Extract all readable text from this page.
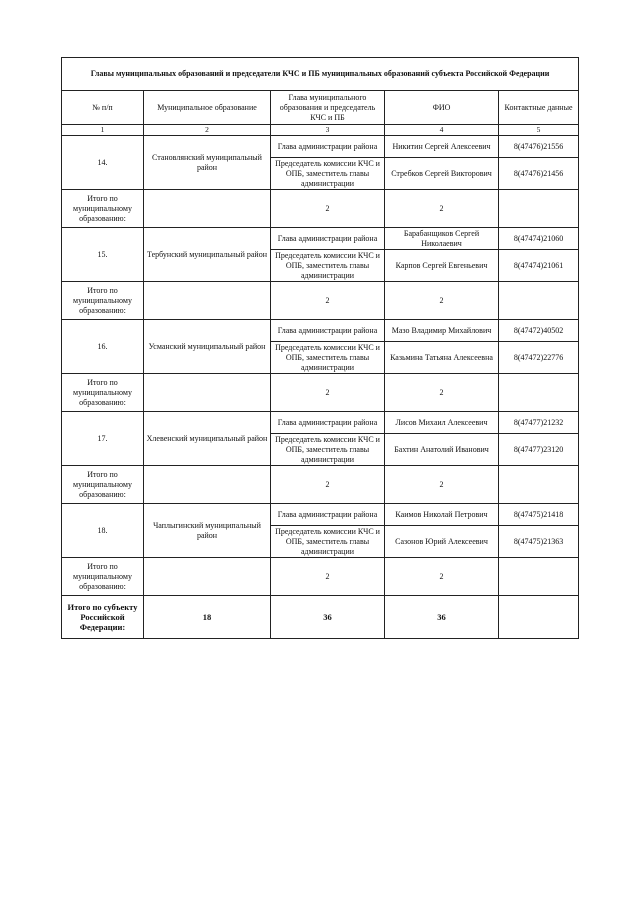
Главы муниципальных образований и председатели КЧС и ПБ муниципальных образований субъекта Российской Федерации				
№ п/п	Муниципальное образование	Глава муниципального образования и председатель КЧС и ПБ	ФИО	Контактные данные
1	2	3	4	5
14.	Становлянский муниципальный район	Глава администрации района	Никитин Сергей Алексеевич	8(47476)21556
		Председатель комиссии КЧС и ОПБ, заместитель главы администрации	Стребков Сергей Викторович	8(47476)21456
Итого по муниципальному образованию:		2	2	
15.	Тербунский муниципальный район	Глава администрации района	Барабанщиков Сергей Николаевич	8(47474)21060
		Председатель комиссии КЧС и ОПБ, заместитель главы администрации	Карпов Сергей Евгеньевич	8(47474)21061
Итого по муниципальному образованию:		2	2	
16.	Усманский муниципальный район	Глава администрации района	Мазо Владимир Михайлович	8(47472)40502
		Председатель комиссии КЧС и ОПБ, заместитель главы администрации	Казьмина Татьяна Алексеевна	8(47472)22776
Итого по муниципальному образованию:		2	2	
17.	Хлевенский муниципальный район	Глава администрации района	Лисов Михаил Алексеевич	8(47477)21232
		Председатель комиссии КЧС и ОПБ, заместитель главы администрации	Бахтин Анатолий Иванович	8(47477)23120
Итого по муниципальному образованию:		2	2	
18.	Чаплыгинский муниципальный район	Глава администрации района	Каимов Николай Петрович	8(47475)21418
		Председатель комиссии КЧС и ОПБ, заместитель главы администрации	Сазонов Юрий Алексеевич	8(47475)21363
Итого по муниципальному образованию:		2	2	
Итого по субъекту Российской Федерации:	18	36	36	
